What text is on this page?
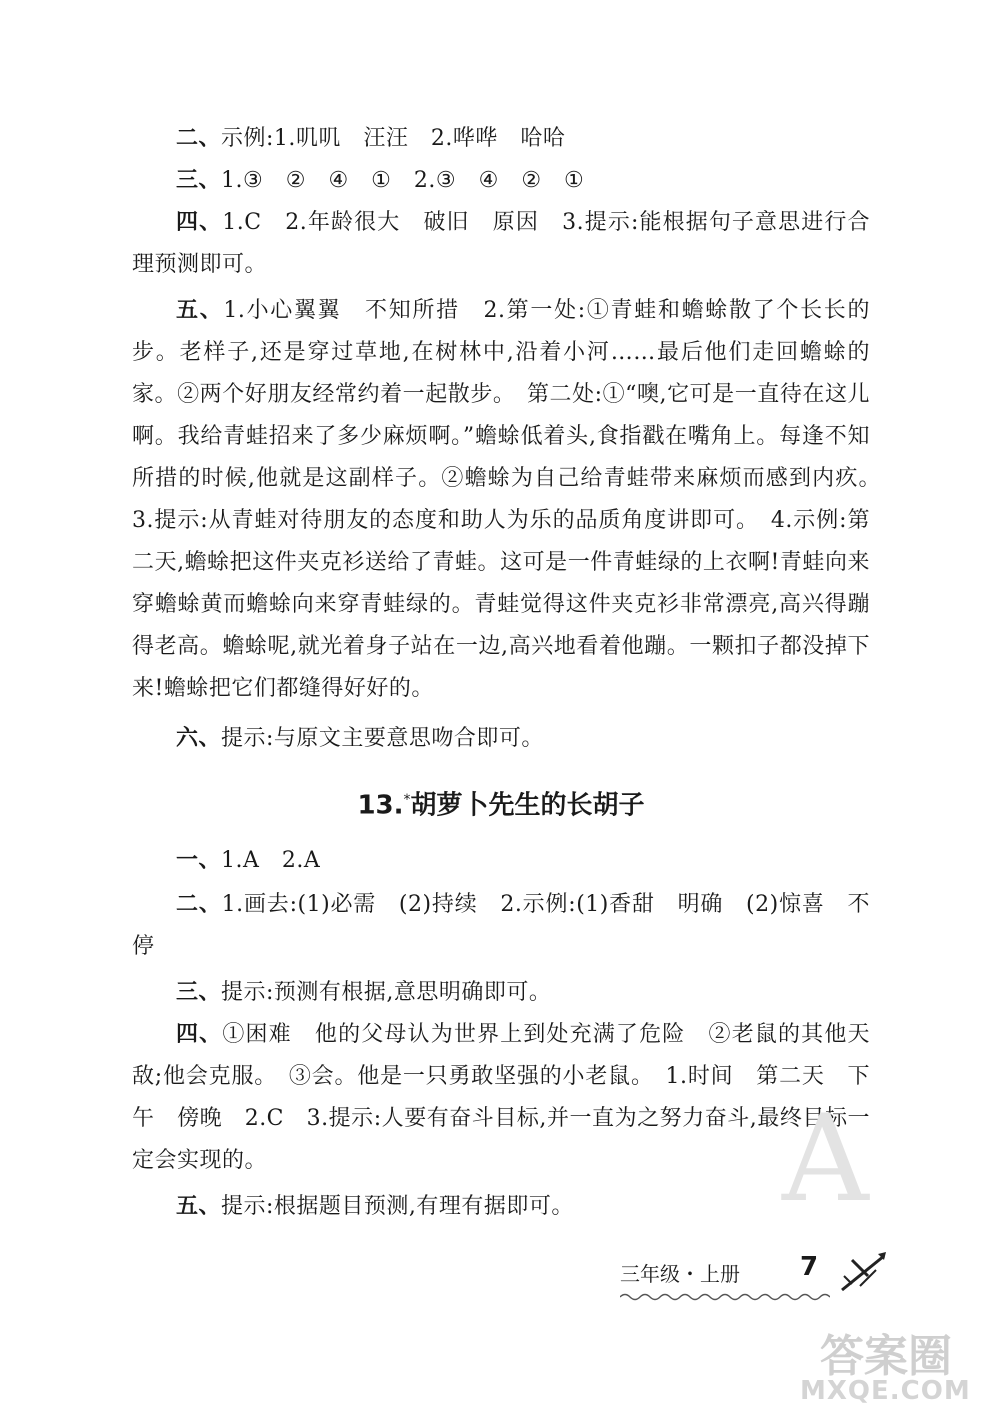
二、示例:1.叽叽　汪汪　2.哗哗　哈哈
三、1.③　②　④　①　2.③　④　②　①
四、1.C　2.年龄很大　破旧　原因　3.提示:能根据句子意思进行合理预测即可。
五、1.小心翼翼　不知所措　2.第一处:①青蛙和蟾蜍散了个长长的步。老样子,还是穿过草地,在树林中,沿着小河……最后他们走回蟾蜍的家。②两个好朋友经常约着一起散步。　第二处:①“噢,它可是一直待在这儿啊。我给青蛙招来了多少麻烦啊。”蟾蜍低着头,食指戳在嘴角上。每逢不知所措的时候,他就是这副样子。②蟾蜍为自己给青蛙带来麻烦而感到内疚。　3.提示:从青蛙对待朋友的态度和助人为乐的品质角度讲即可。　4.示例:第二天,蟾蜍把这件夹克衫送给了青蛙。这可是一件青蛙绿的上衣啊!青蛙向来穿蟾蜍黄而蟾蜍向来穿青蛙绿的。青蛙觉得这件夹克衫非常漂亮,高兴得蹦得老高。蟾蜍呢,就光着身子站在一边,高兴地看着他蹦。一颗扣子都没掉下来!蟾蜍把它们都缝得好好的。
六、提示:与原文主要意思吻合即可。
13.*胡萝卜先生的长胡子
一、1.A　2.A
二、1.画去:(1)必需　(2)持续　2.示例:(1)香甜　明确　(2)惊喜　不停
三、提示:预测有根据,意思明确即可。
四、①困难　他的父母认为世界上到处充满了危险　②老鼠的其他天敌;他会克服。　③会。他是一只勇敢坚强的小老鼠。　1.时间　第二天　下午　傍晚　2.C　3.提示:人要有奋斗目标,并一直为之努力奋斗,最终目标一定会实现的。
五、提示:根据题目预测,有理有据即可。	A
三年级・上册 7
答案圈
MXQE.COM
